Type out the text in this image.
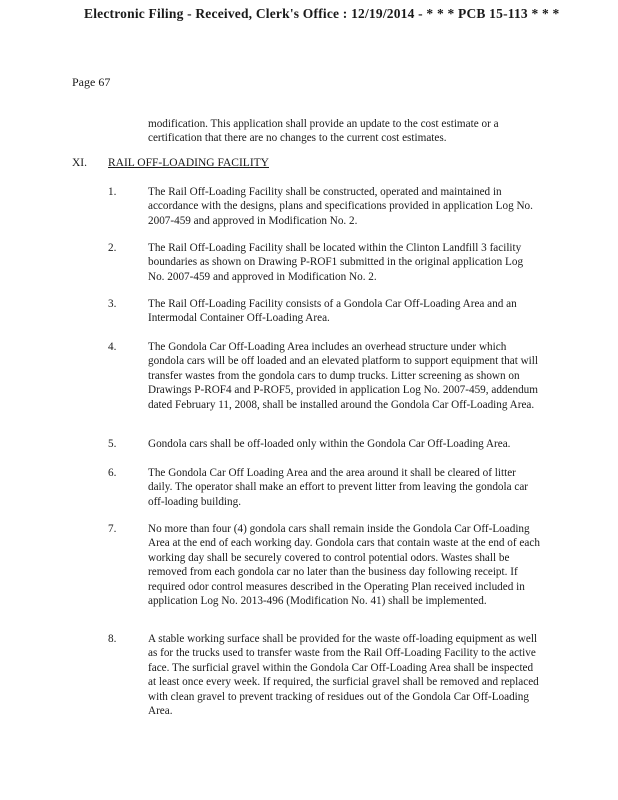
Electronic Filing - Received, Clerk's Office : 12/19/2014 - * * * PCB 15-113 * * *
Page 67
modification. This application shall provide an update to the cost estimate or a certification that there are no changes to the current cost estimates.
XI. RAIL OFF-LOADING FACILITY
1.	The Rail Off-Loading Facility shall be constructed, operated and maintained in accordance with the designs, plans and specifications provided in application Log No. 2007-459 and approved in Modification No. 2.
2.	The Rail Off-Loading Facility shall be located within the Clinton Landfill 3 facility boundaries as shown on Drawing P-ROF1 submitted in the original application Log No. 2007-459 and approved in Modification No. 2.
3.	The Rail Off-Loading Facility consists of a Gondola Car Off-Loading Area and an Intermodal Container Off-Loading Area.
4.	The Gondola Car Off-Loading Area includes an overhead structure under which gondola cars will be off loaded and an elevated platform to support equipment that will transfer wastes from the gondola cars to dump trucks. Litter screening as shown on Drawings P-ROF4 and P-ROF5, provided in application Log No. 2007-459, addendum dated February 11, 2008, shall be installed around the Gondola Car Off-Loading Area.
5.	Gondola cars shall be off-loaded only within the Gondola Car Off-Loading Area.
6.	The Gondola Car Off Loading Area and the area around it shall be cleared of litter daily. The operator shall make an effort to prevent litter from leaving the gondola car off-loading building.
7.	No more than four (4) gondola cars shall remain inside the Gondola Car Off-Loading Area at the end of each working day. Gondola cars that contain waste at the end of each working day shall be securely covered to control potential odors. Wastes shall be removed from each gondola car no later than the business day following receipt. If required odor control measures described in the Operating Plan received included in application Log No. 2013-496 (Modification No. 41) shall be implemented.
8.	A stable working surface shall be provided for the waste off-loading equipment as well as for the trucks used to transfer waste from the Rail Off-Loading Facility to the active face. The surficial gravel within the Gondola Car Off-Loading Area shall be inspected at least once every week. If required, the surficial gravel shall be removed and replaced with clean gravel to prevent tracking of residues out of the Gondola Car Off-Loading Area.
